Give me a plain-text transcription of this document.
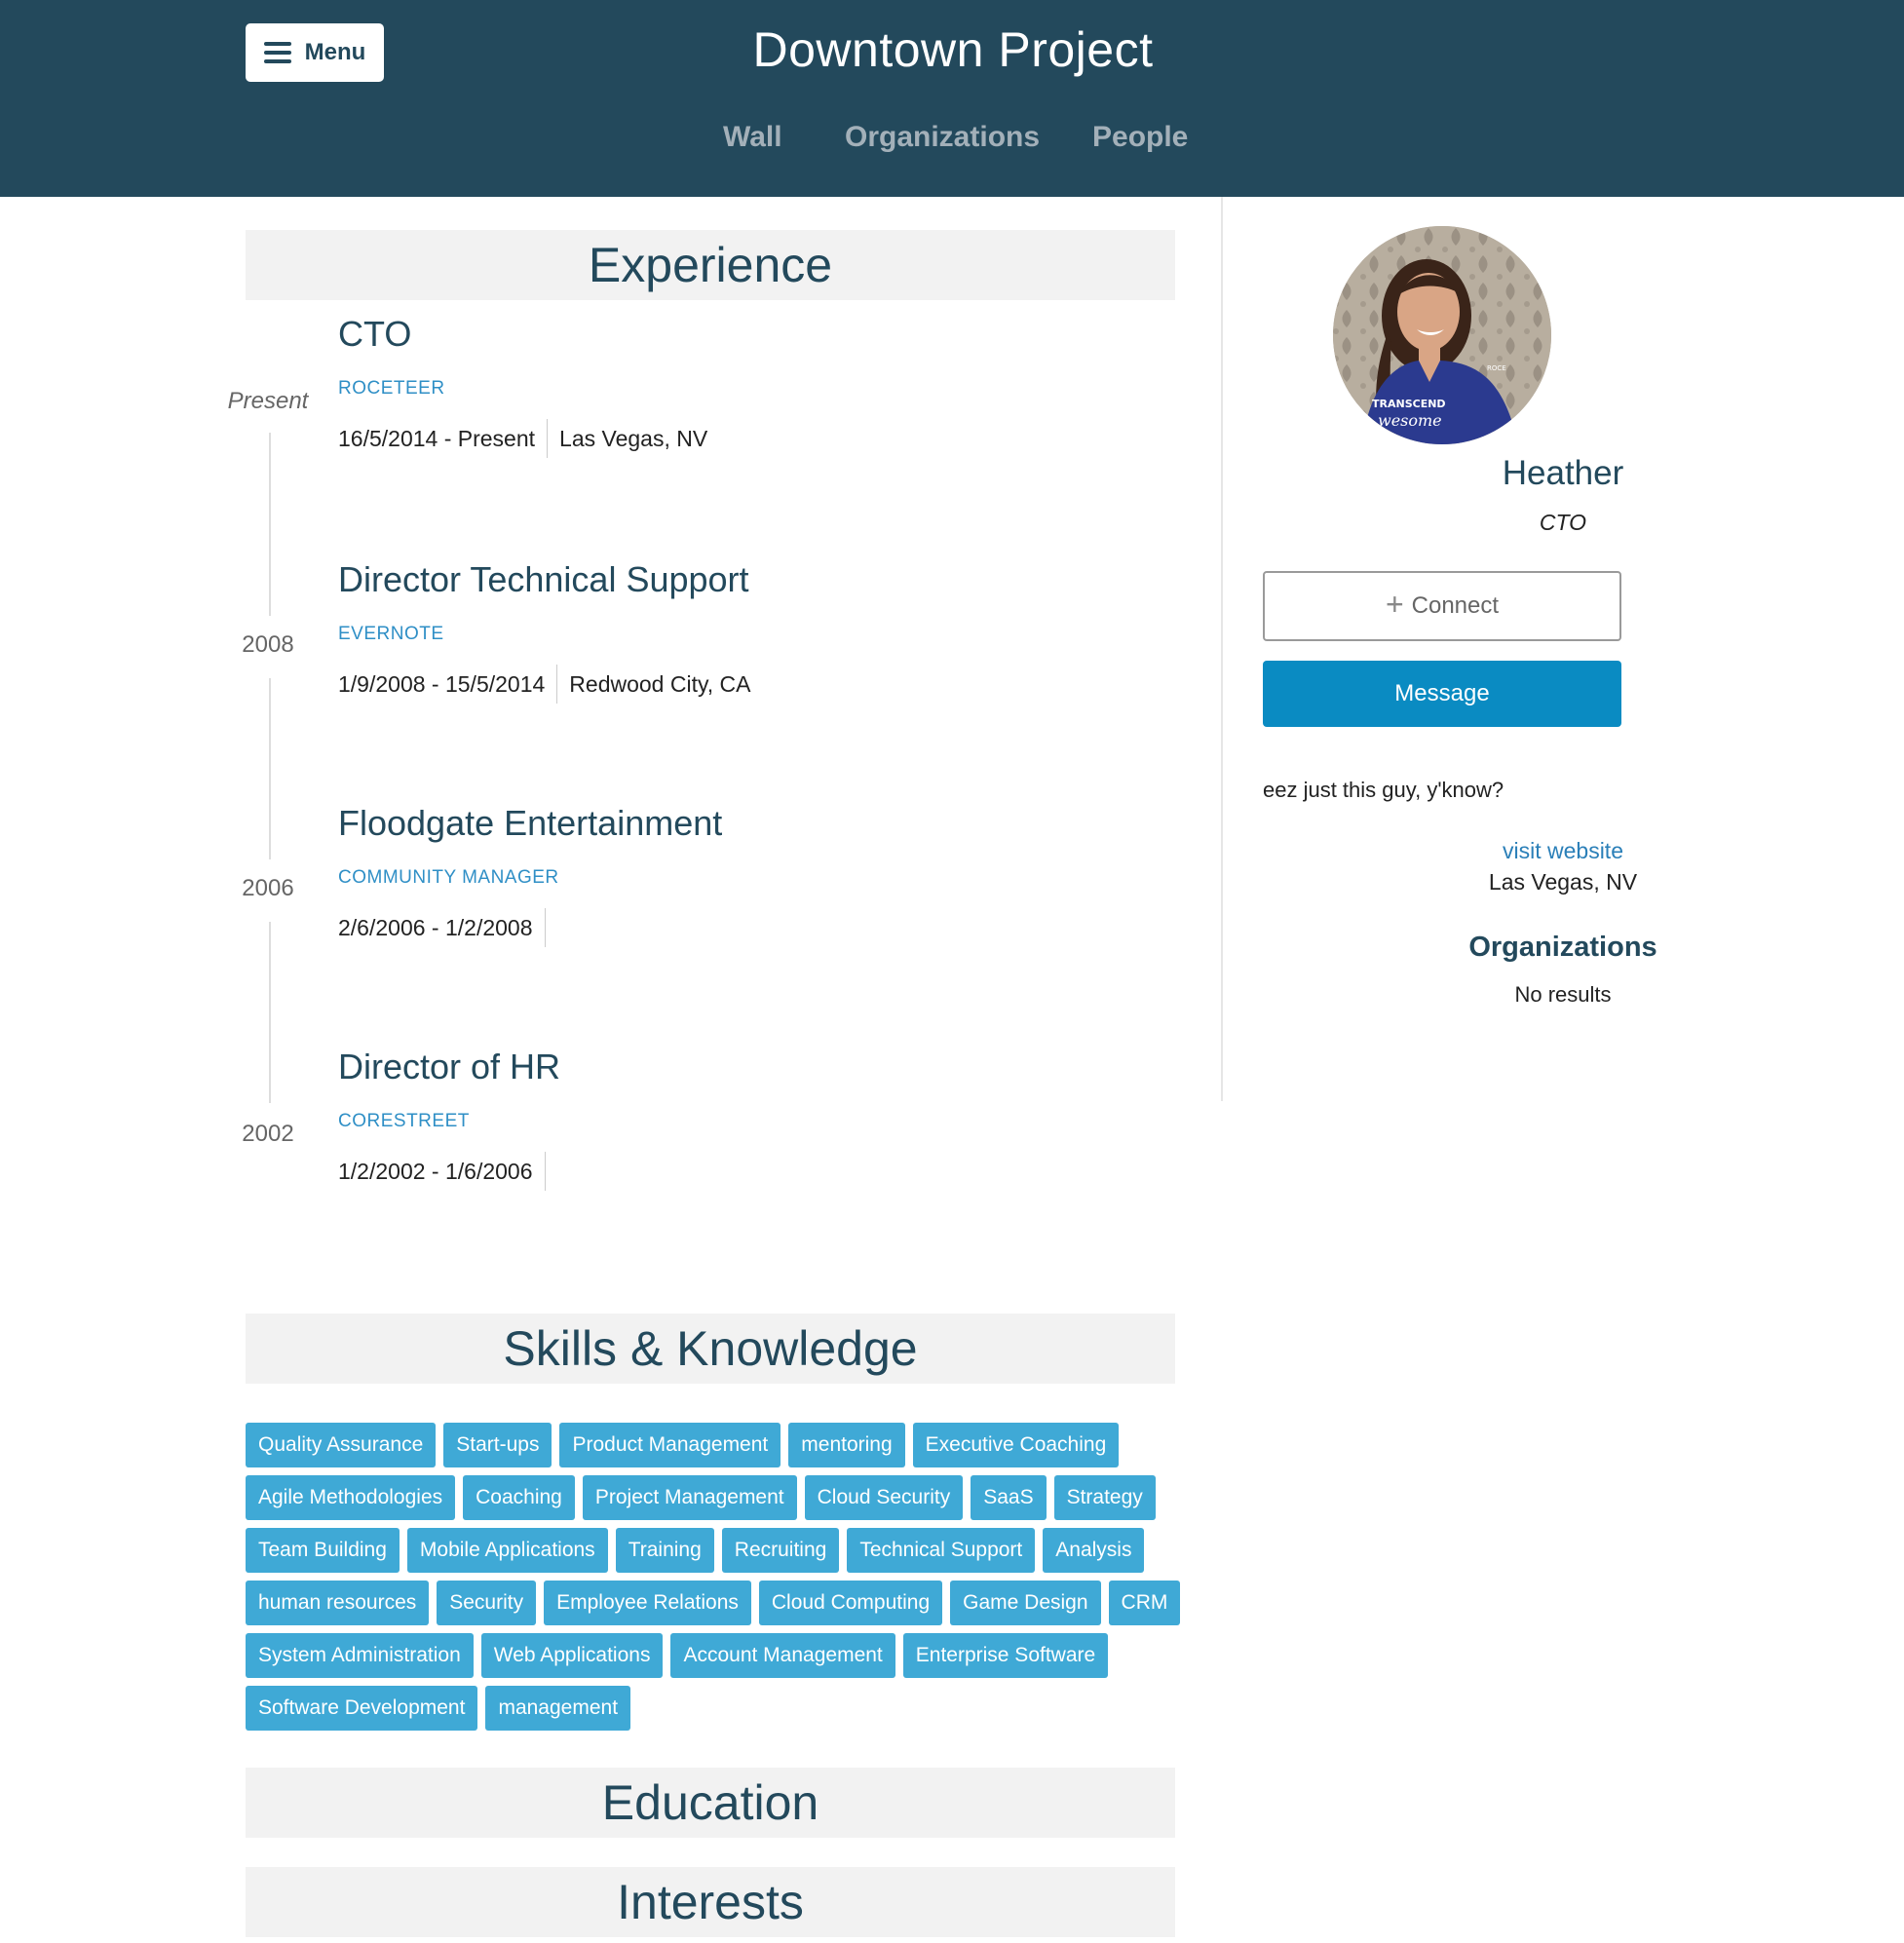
Menu	Downtown Project
Wall Organizations People
Experience
Present
CTO
ROCETEER
16/5/2014 - Present Las Vegas, NV
2008
Director Technical Support
EVERNOTE
1/9/2008 - 15/5/2014 Redwood City, CA
2006
Floodgate Entertainment
COMMUNITY MANAGER
2/6/2006 - 1/2/2008
2002
Director of HR
CORESTREET
1/2/2002 - 1/6/2006
Skills & Knowledge
Quality Assurance	Start-ups	Product Management	mentoring	Executive Coaching
Agile Methodologies	Coaching	Project Management	Cloud Security	SaaS	Strategy
Team Building	Mobile Applications	Training	Recruiting	Technical Support	Analysis
human resources	Security	Employee Relations	Cloud Computing	Game Design	CRM
System Administration	Web Applications	Account Management	Enterprise Software
Software Development	management
Education
Interests
TRANSCEND
wesome
ROCE
Heather
CTO
+ Connect
Message
eez just this guy, y'know?
visit website
Las Vegas, NV
Organizations
No results
